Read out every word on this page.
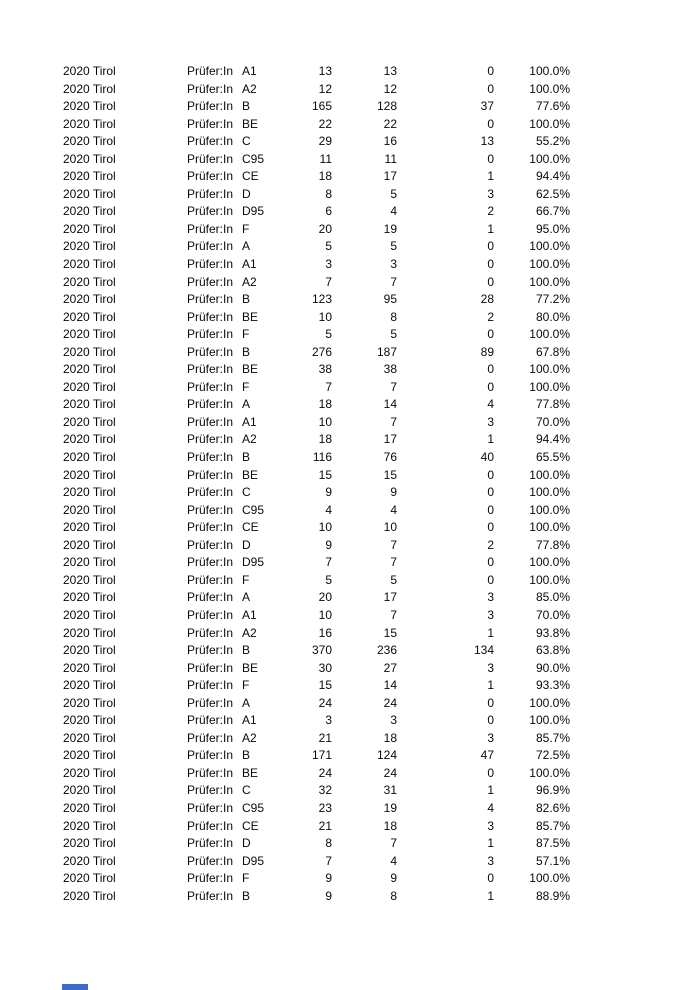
2020 Tirol	Prüfer:In	A1	13	13	0	100.0%
2020 Tirol	Prüfer:In	A2	12	12	0	100.0%
2020 Tirol	Prüfer:In	B	165	128	37	77.6%
2020 Tirol	Prüfer:In	BE	22	22	0	100.0%
2020 Tirol	Prüfer:In	C	29	16	13	55.2%
2020 Tirol	Prüfer:In	C95	11	11	0	100.0%
2020 Tirol	Prüfer:In	CE	18	17	1	94.4%
2020 Tirol	Prüfer:In	D	8	5	3	62.5%
2020 Tirol	Prüfer:In	D95	6	4	2	66.7%
2020 Tirol	Prüfer:In	F	20	19	1	95.0%
2020 Tirol	Prüfer:In	A	5	5	0	100.0%
2020 Tirol	Prüfer:In	A1	3	3	0	100.0%
2020 Tirol	Prüfer:In	A2	7	7	0	100.0%
2020 Tirol	Prüfer:In	B	123	95	28	77.2%
2020 Tirol	Prüfer:In	BE	10	8	2	80.0%
2020 Tirol	Prüfer:In	F	5	5	0	100.0%
2020 Tirol	Prüfer:In	B	276	187	89	67.8%
2020 Tirol	Prüfer:In	BE	38	38	0	100.0%
2020 Tirol	Prüfer:In	F	7	7	0	100.0%
2020 Tirol	Prüfer:In	A	18	14	4	77.8%
2020 Tirol	Prüfer:In	A1	10	7	3	70.0%
2020 Tirol	Prüfer:In	A2	18	17	1	94.4%
2020 Tirol	Prüfer:In	B	116	76	40	65.5%
2020 Tirol	Prüfer:In	BE	15	15	0	100.0%
2020 Tirol	Prüfer:In	C	9	9	0	100.0%
2020 Tirol	Prüfer:In	C95	4	4	0	100.0%
2020 Tirol	Prüfer:In	CE	10	10	0	100.0%
2020 Tirol	Prüfer:In	D	9	7	2	77.8%
2020 Tirol	Prüfer:In	D95	7	7	0	100.0%
2020 Tirol	Prüfer:In	F	5	5	0	100.0%
2020 Tirol	Prüfer:In	A	20	17	3	85.0%
2020 Tirol	Prüfer:In	A1	10	7	3	70.0%
2020 Tirol	Prüfer:In	A2	16	15	1	93.8%
2020 Tirol	Prüfer:In	B	370	236	134	63.8%
2020 Tirol	Prüfer:In	BE	30	27	3	90.0%
2020 Tirol	Prüfer:In	F	15	14	1	93.3%
2020 Tirol	Prüfer:In	A	24	24	0	100.0%
2020 Tirol	Prüfer:In	A1	3	3	0	100.0%
2020 Tirol	Prüfer:In	A2	21	18	3	85.7%
2020 Tirol	Prüfer:In	B	171	124	47	72.5%
2020 Tirol	Prüfer:In	BE	24	24	0	100.0%
2020 Tirol	Prüfer:In	C	32	31	1	96.9%
2020 Tirol	Prüfer:In	C95	23	19	4	82.6%
2020 Tirol	Prüfer:In	CE	21	18	3	85.7%
2020 Tirol	Prüfer:In	D	8	7	1	87.5%
2020 Tirol	Prüfer:In	D95	7	4	3	57.1%
2020 Tirol	Prüfer:In	F	9	9	0	100.0%
2020 Tirol	Prüfer:In	B	9	8	1	88.9%
